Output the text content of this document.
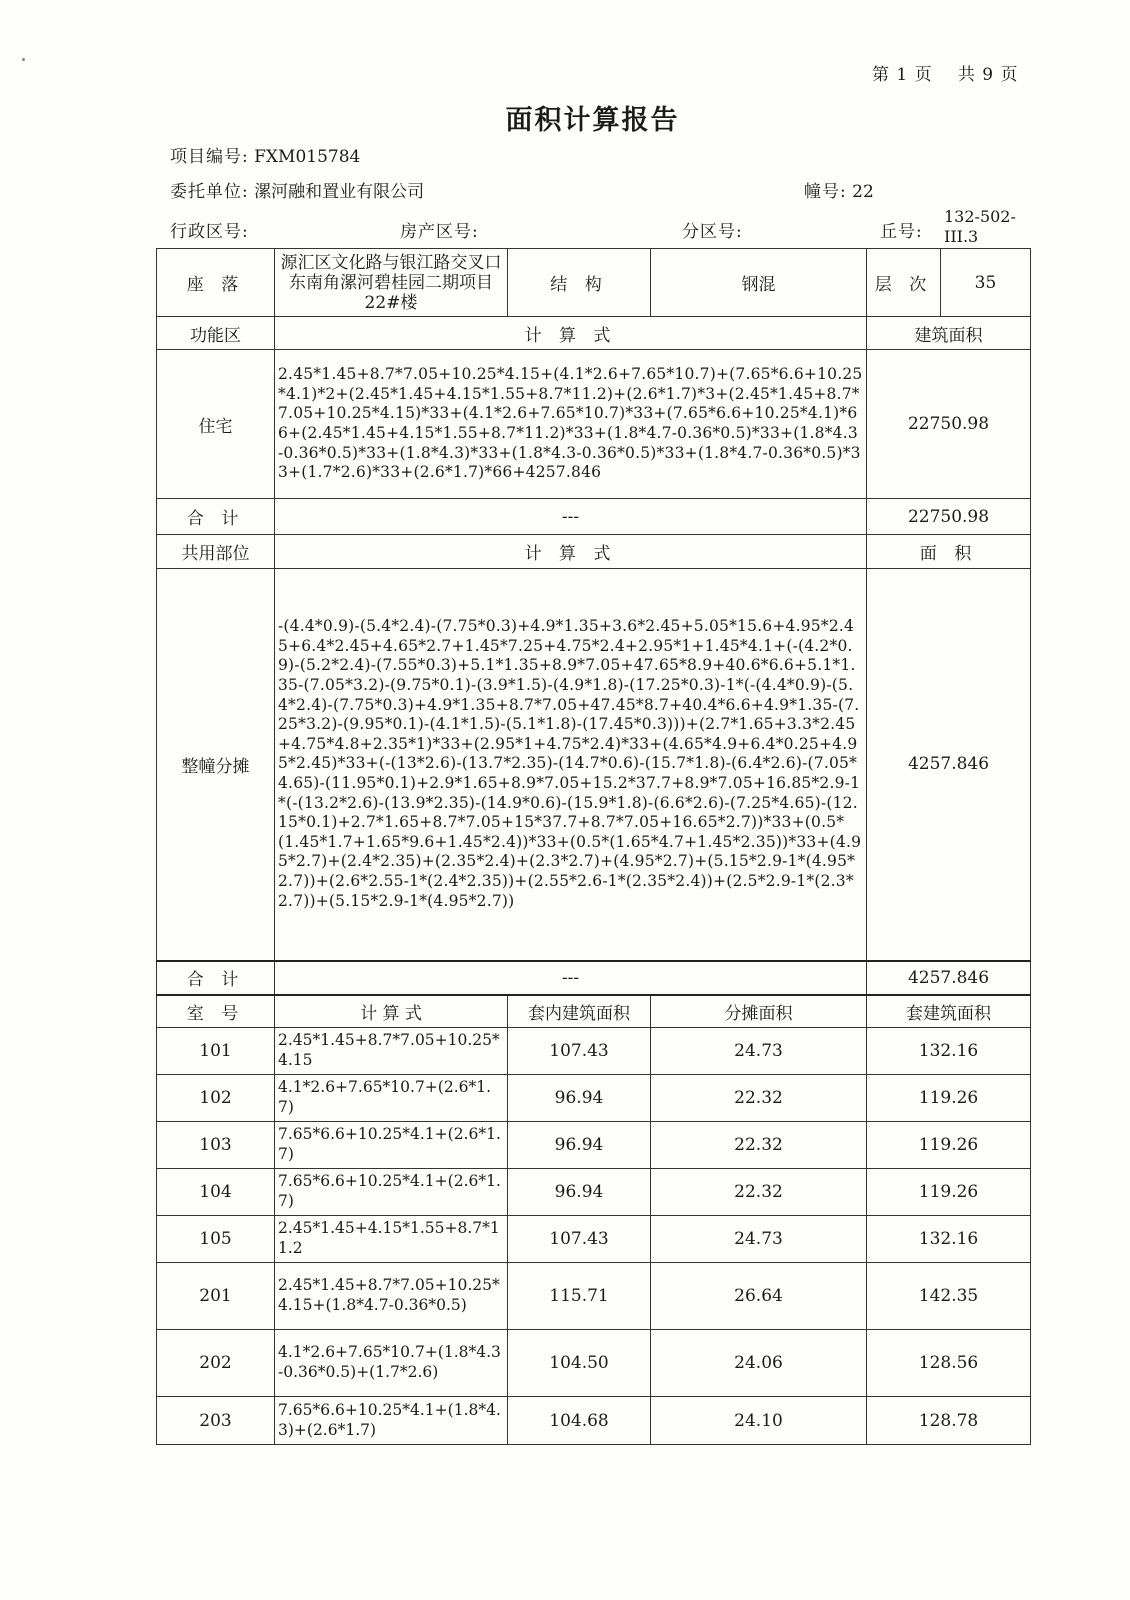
第 1 页 共 9 页
面积计算报告
项目编号: FXM015784
委托单位: 漯河融和置业有限公司	幢号: 22
行政区号:	房产区号:	分区号:	丘号:
132-502-
III.3
座 落	源汇区文化路与银江路交叉口东南角漯河碧桂园二期项目22#楼	结 构	钢混	层 次	35
功能区	计 算 式			建筑面积	
住宅	2.45*1.45+8.7*7.05+10.25*4.15+(4.1*2.6+7.65*10.7)+(7.65*6.6+10.25*4.1)*2+(2.45*1.45+4.15*1.55+8.7*11.2)+(2.6*1.7)*3+(2.45*1.45+8.7*7.05+10.25*4.15)*33+(4.1*2.6+7.65*10.7)*33+(7.65*6.6+10.25*4.1)*66+(2.45*1.45+4.15*1.55+8.7*11.2)*33+(1.8*4.7-0.36*0.5)*33+(1.8*4.3-0.36*0.5)*33+(1.8*4.3)*33+(1.8*4.3-0.36*0.5)*33+(1.8*4.7-0.36*0.5)*33+(1.7*2.6)*33+(2.6*1.7)*66+4257.846			22750.98	
合 计	---			22750.98	
共用部位	计 算 式			面 积	
整幢分摊	-(4.4*0.9)-(5.4*2.4)-(7.75*0.3)+4.9*1.35+3.6*2.45+5.05*15.6+4.95*2.45+6.4*2.45+4.65*2.7+1.45*7.25+4.75*2.4+2.95*1+1.45*4.1+(-(4.2*0.9)-(5.2*2.4)-(7.55*0.3)+5.1*1.35+8.9*7.05+47.65*8.9+40.6*6.6+5.1*1.35-(7.05*3.2)-(9.75*0.1)-(3.9*1.5)-(4.9*1.8)-(17.25*0.3)-1*(-(4.4*0.9)-(5.4*2.4)-(7.75*0.3)+4.9*1.35+8.7*7.05+47.45*8.7+40.4*6.6+4.9*1.35-(7.25*3.2)-(9.95*0.1)-(4.1*1.5)-(5.1*1.8)-(17.45*0.3)))+(2.7*1.65+3.3*2.45+4.75*4.8+2.35*1)*33+(2.95*1+4.75*2.4)*33+(4.65*4.9+6.4*0.25+4.95*2.45)*33+(-(13*2.6)-(13.7*2.35)-(14.7*0.6)-(15.7*1.8)-(6.4*2.6)-(7.05*4.65)-(11.95*0.1)+2.9*1.65+8.9*7.05+15.2*37.7+8.9*7.05+16.85*2.9-1*(-(13.2*2.6)-(13.9*2.35)-(14.9*0.6)-(15.9*1.8)-(6.6*2.6)-(7.25*4.65)-(12.15*0.1)+2.7*1.65+8.7*7.05+15*37.7+8.7*7.05+16.65*2.7))*33+(0.5*(1.45*1.7+1.65*9.6+1.45*2.4))*33+(0.5*(1.65*4.7+1.45*2.35))*33+(4.95*2.7)+(2.4*2.35)+(2.35*2.4)+(2.3*2.7)+(4.95*2.7)+(5.15*2.9-1*(4.95*2.7))+(2.6*2.55-1*(2.4*2.35))+(2.55*2.6-1*(2.35*2.4))+(2.5*2.9-1*(2.3*2.7))+(5.15*2.9-1*(4.95*2.7))			4257.846	
合 计	---			4257.846	
室 号	计 算 式	套内建筑面积	分摊面积	套建筑面积	
101	2.45*1.45+8.7*7.05+10.25*4.15	107.43	24.73	132.16	
102	4.1*2.6+7.65*10.7+(2.6*1.7)	96.94	22.32	119.26	
103	7.65*6.6+10.25*4.1+(2.6*1.7)	96.94	22.32	119.26	
104	7.65*6.6+10.25*4.1+(2.6*1.7)	96.94	22.32	119.26	
105	2.45*1.45+4.15*1.55+8.7*11.2	107.43	24.73	132.16	
201	2.45*1.45+8.7*7.05+10.25*4.15+(1.8*4.7-0.36*0.5)	115.71	26.64	142.35	
202	4.1*2.6+7.65*10.7+(1.8*4.3-0.36*0.5)+(1.7*2.6)	104.50	24.06	128.56	
203	7.65*6.6+10.25*4.1+(1.8*4.3)+(2.6*1.7)	104.68	24.10	128.78	
